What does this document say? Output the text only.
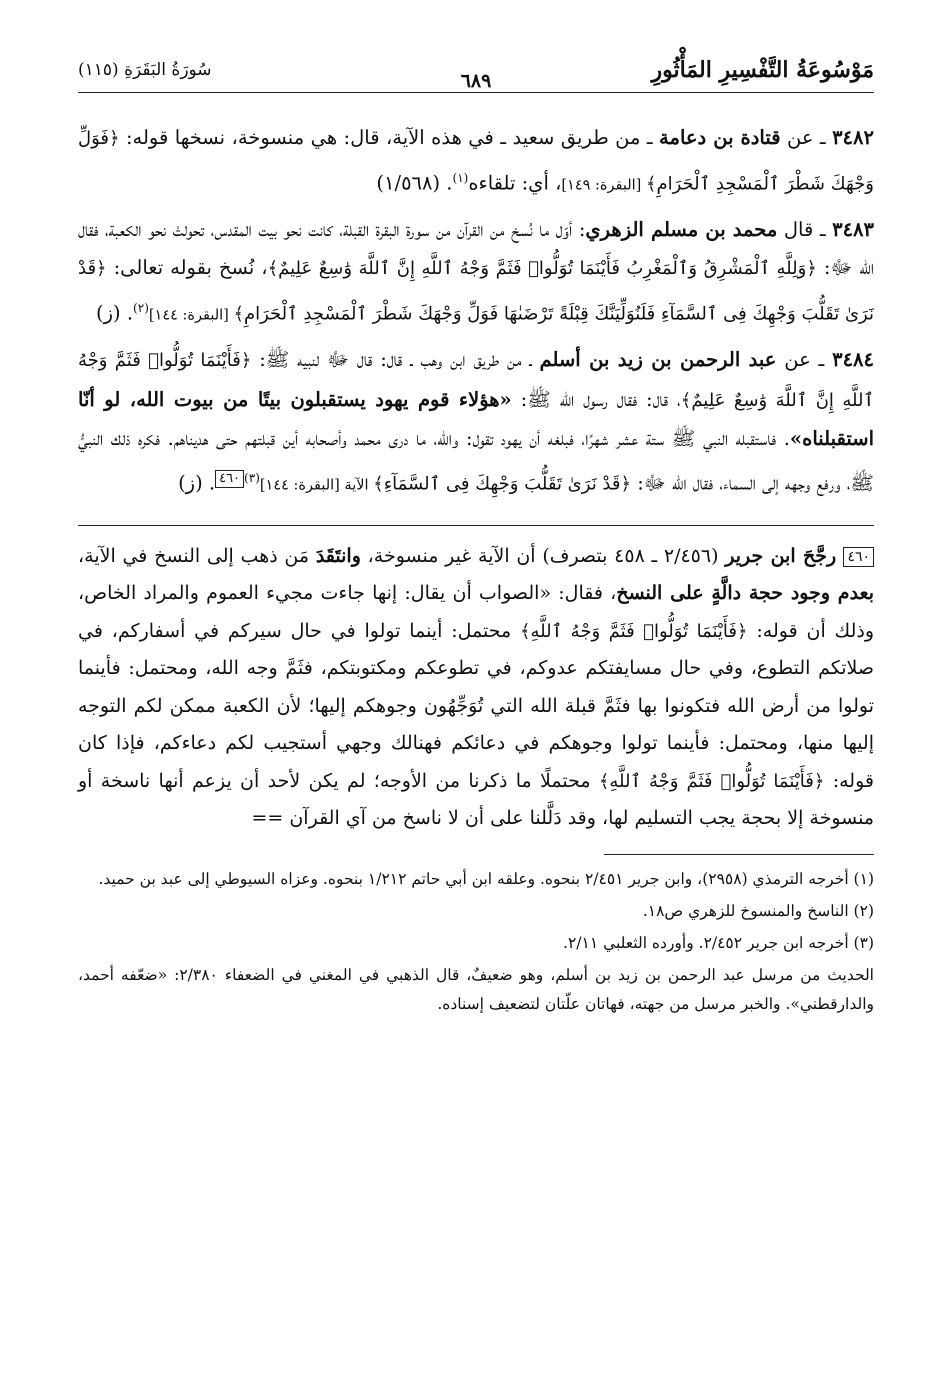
مَوْسُوعَةُ التَّفْسِيرِ المَأْثُورِ
٦٨٩
سُورَةُ البَقَرَةِ (١١٥)

٣٤٨٢ ـ عن قتادة بن دعامة ـ من طريق سعيد ـ في هذه الآية، قال: هي منسوخة، نسخها قوله: ﴿فَوَلِّ وَجْهَكَ شَطْرَ ٱلْمَسْجِدِ ٱلْحَرَامِ﴾ [البقرة: ١٤٩]، أي: تلقاءه$^{(١)}$. (١/٥٦٨)

٣٤٨٣ ـ قال محمد بن مسلم الزهري: أوّل ما نُسخ من القرآن من سورة البقرة القبلة، كانت نحو بيت المقدس، تحولتْ نحو الكعبة، فقال الله ﷻ: ﴿وَلِلَّهِ ٱلْمَشْرِقُ وَٱلْمَغْرِبُ فَأَيْنَمَا تُوَلُّوا۟ فَثَمَّ وَجْهُ ٱللَّهِ إِنَّ ٱللَّهَ وَٰسِعٌ عَلِيمٌ﴾، نُسخ بقوله تعالى: ﴿قَدْ نَرَىٰ تَقَلُّبَ وَجْهِكَ فِى ٱلسَّمَآءِ فَلَنُوَلِّيَنَّكَ قِبْلَةً تَرْضَىٰهَا فَوَلِّ وَجْهَكَ شَطْرَ ٱلْمَسْجِدِ ٱلْحَرَامِ﴾ [البقرة: ١٤٤]$^{(٢)}$. (ز)

٣٤٨٤ ـ عن عبد الرحمن بن زيد بن أسلم ـ من طريق ابن وهب ـ قال: قال ﷻ لنبيه ﷺ: ﴿فَأَيْنَمَا تُوَلُّوا۟ فَثَمَّ وَجْهُ ٱللَّهِ إِنَّ ٱللَّهَ وَٰسِعٌ عَلِيمٌ﴾، قال: فقال رسول الله ﷺ: «هؤلاء قوم يهود يستقبلون بيتًا من بيوت الله، لو أنّا استقبلناه». فاستقبله النبي ﷺ ستة عشر شهرًا، فبلغه أن يهود تقول: والله، ما درى محمد وأصحابه أين قبلتهم حتى هديناهم. فكره ذلك النبيُّ ﷺ، ورفع وجهه إلى السماء، فقال الله ﷻ: ﴿قَدْ نَرَىٰ تَقَلُّبَ وَجْهِكَ فِى ٱلسَّمَآءِ﴾ الآية [البقرة: ١٤٤]$^{(٣)}$٤٦٠. (ز)

٤٦٠ رجَّحَ ابن جرير (٢/٤٥٦ ـ ٤٥٨ بتصرف) أن الآية غير منسوخة، وانتَقَدَ مَن ذهب إلى النسخ في الآية، بعدم وجود حجة دالَّةٍ على النسخ، فقال: «الصواب أن يقال: إنها جاءت مجيء العموم والمراد الخاص، وذلك أن قوله: ﴿فَأَيْنَمَا تُوَلُّوا۟ فَثَمَّ وَجْهُ ٱللَّهِ﴾ محتمل: أينما تولوا في حال سيركم في أسفاركم، في صلاتكم التطوع، وفي حال مسايفتكم عدوكم، في تطوعكم ومكتوبتكم، فثَمَّ وجه الله، ومحتمل: فأينما تولوا من أرض الله فتكونوا بها فثَمَّ قبلة الله التي تُوَجِّهُون وجوهكم إليها؛ لأن الكعبة ممكن لكم التوجه إليها منها، ومحتمل: فأينما تولوا وجوهكم في دعائكم فهنالك وجهي أستجيب لكم دعاءكم، فإذا كان قوله: ﴿فَأَيْنَمَا تُوَلُّوا۟ فَثَمَّ وَجْهُ ٱللَّهِ﴾ محتملًا ما ذكرنا من الأوجه؛ لم يكن لأحد أن يزعم أنها ناسخة أو منسوخة إلا بحجة يجب التسليم لها، وقد دَلَّلنا على أن لا ناسخ من آي القرآن ==

(١) أخرجه الترمذي (٢٩٥٨)، وابن جرير ٢/٤٥١ بنحوه. وعلقه ابن أبي حاتم ١/٢١٢ بنحوه. وعزاه السيوطي إلى عبد بن حميد.

(٢) الناسخ والمنسوخ للزهري ص١٨.

(٣) أخرجه ابن جرير ٢/٤٥٢. وأورده الثعلبي ٢/١١.

الحديث من مرسل عبد الرحمن بن زيد بن أسلم، وهو ضعيفٌ، قال الذهبي في المغني في الضعفاء ٢/٣٨٠: «ضعّفه أحمد، والدارقطني». والخبر مرسل من جهته، فهاتان علّتان لتضعيف إسناده.
